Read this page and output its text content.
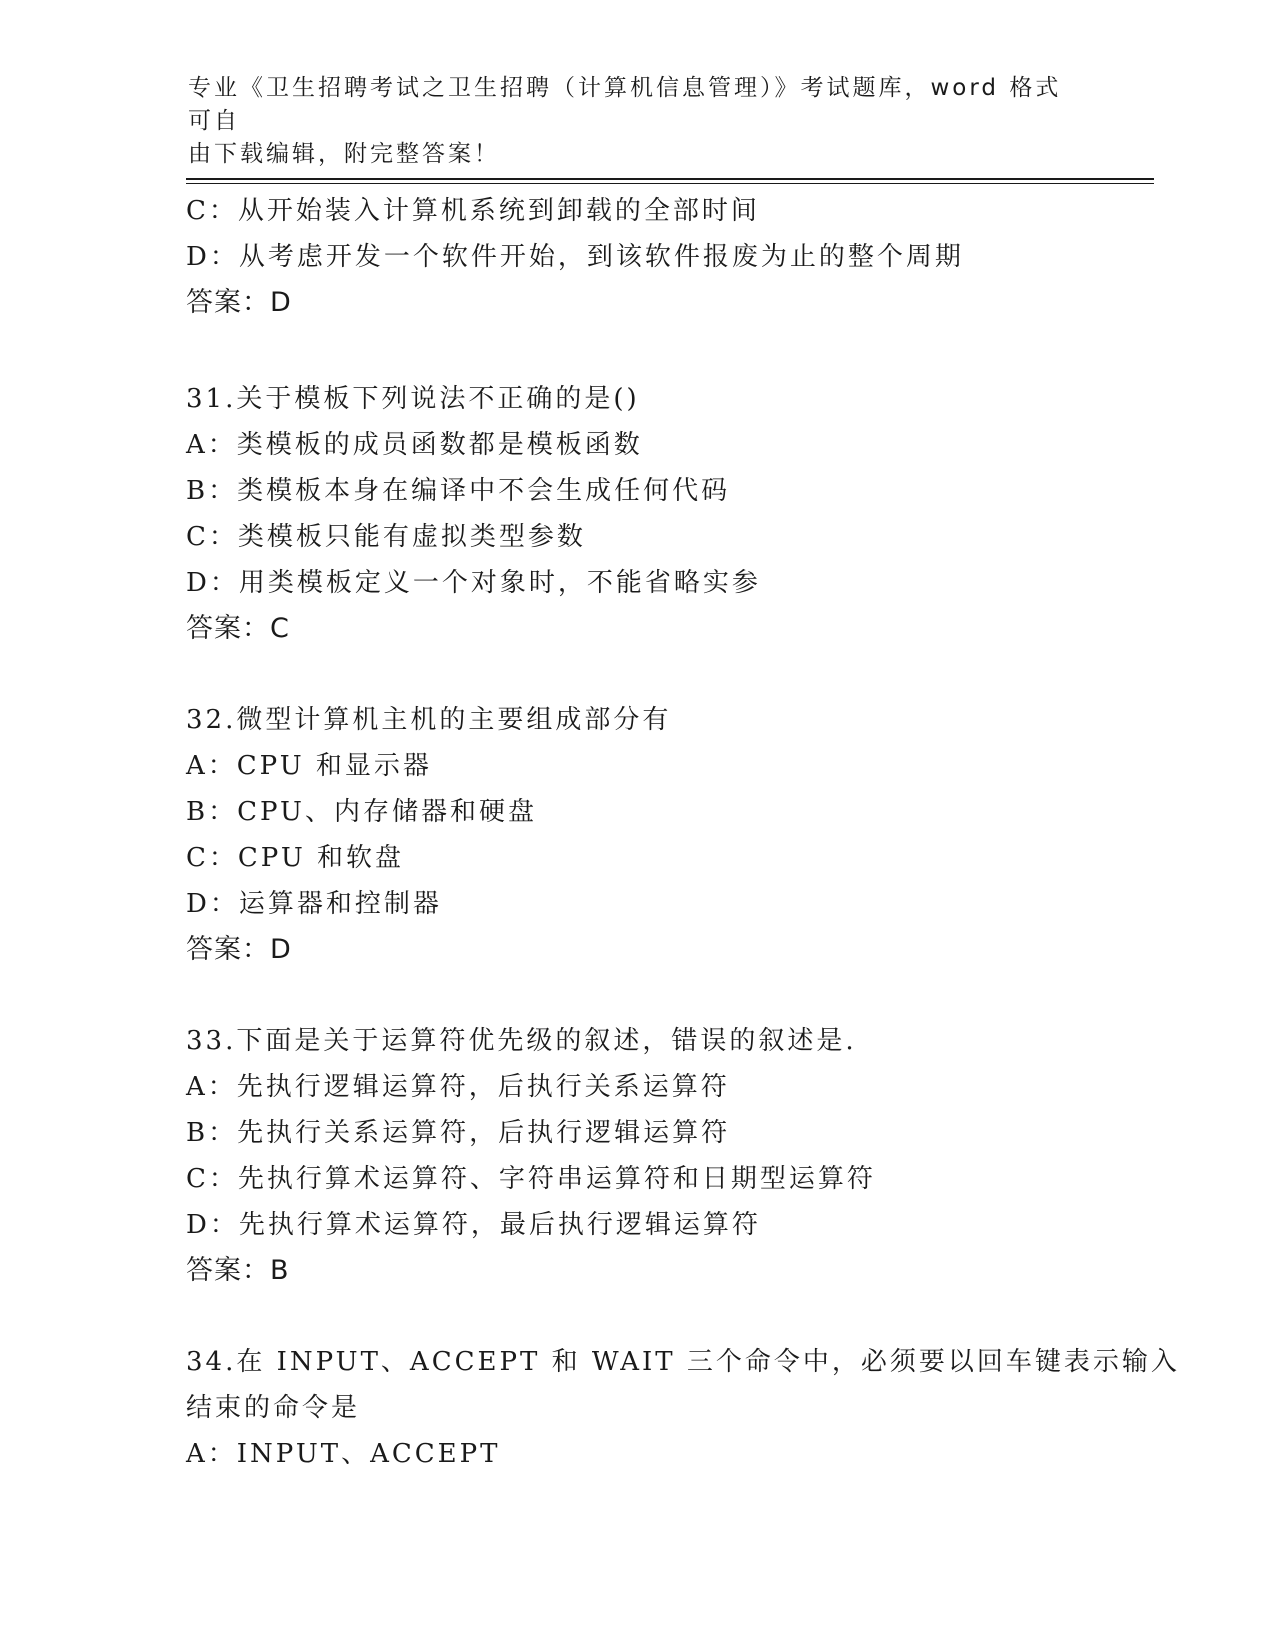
专业《卫生招聘考试之卫生招聘（计算机信息管理）》考试题库，word 格式可自
由下载编辑，附完整答案！
C：从开始装入计算机系统到卸载的全部时间
D：从考虑开发一个软件开始，到该软件报废为止的整个周期
答案：D
31.关于模板下列说法不正确的是()
A：类模板的成员函数都是模板函数
B：类模板本身在编译中不会生成任何代码
C：类模板只能有虚拟类型参数
D：用类模板定义一个对象时，不能省略实参
答案：C
32.微型计算机主机的主要组成部分有
A：CPU 和显示器
B：CPU、内存储器和硬盘
C：CPU 和软盘
D：运算器和控制器
答案：D
33.下面是关于运算符优先级的叙述，错误的叙述是.
A：先执行逻辑运算符，后执行关系运算符
B：先执行关系运算符，后执行逻辑运算符
C：先执行算术运算符、字符串运算符和日期型运算符
D：先执行算术运算符，最后执行逻辑运算符
答案：B
34.在 INPUT、ACCEPT 和 WAIT 三个命令中，必须要以回车键表示输入
结束的命令是
A：INPUT、ACCEPT
